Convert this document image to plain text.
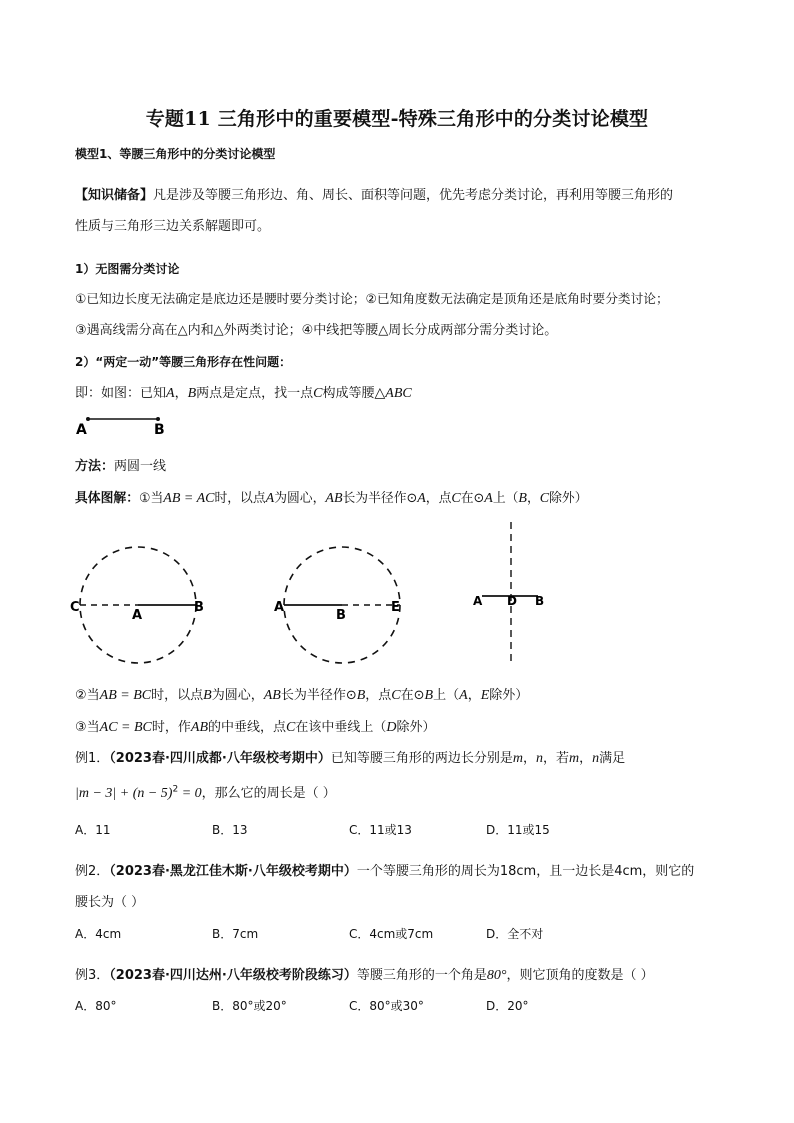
专题11 三角形中的重要模型-特殊三角形中的分类讨论模型
模型1、等腰三角形中的分类讨论模型
【知识储备】凡是涉及等腰三角形边、角、周长、面积等问题，优先考虑分类讨论，再利用等腰三角形的
性质与三角形三边关系解题即可。
1）无图需分类讨论
①已知边长度无法确定是底边还是腰时要分类讨论；②已知角度数无法确定是顶角还是底角时要分类讨论；
③遇高线需分高在△内和△外两类讨论；④中线把等腰△周长分成两部分需分类讨论。
2）“两定一动”等腰三角形存在性问题：
即：如图：已知A，B两点是定点，找一点C构成等腰△ABC
A	B
方法：两圆一线
具体图解：①当AB = AC时，以点A为圆心，AB长为半径作⊙A，点C在⊙A上（B，C除外）
C
A
B	A
B
E	A D B
②当AB = BC时，以点B为圆心，AB长为半径作⊙B，点C在⊙B上（A，E除外）
③当AC = BC时，作AB的中垂线，点C在该中垂线上（D除外）
例1．（2023春·四川成都·八年级校考期中）已知等腰三角形的两边长分别是m，n，若m，n满足
$|m - 3| + (n - 5)^2 = 0$，那么它的周长是（ ）
A．11	B．13	C．11或13	D．11或15
例2．（2023春·黑龙江佳木斯·八年级校考期中）一个等腰三角形的周长为18cm，且一边长是4cm，则它的
腰长为（ ）
A．4cm	B．7cm	C．4cm或7cm	D．全不对
例3．（2023春·四川达州·八年级校考阶段练习）等腰三角形的一个角是80°，则它顶角的度数是（ ）
A．80°	B．80°或20°	C．80°或30°	D．20°
